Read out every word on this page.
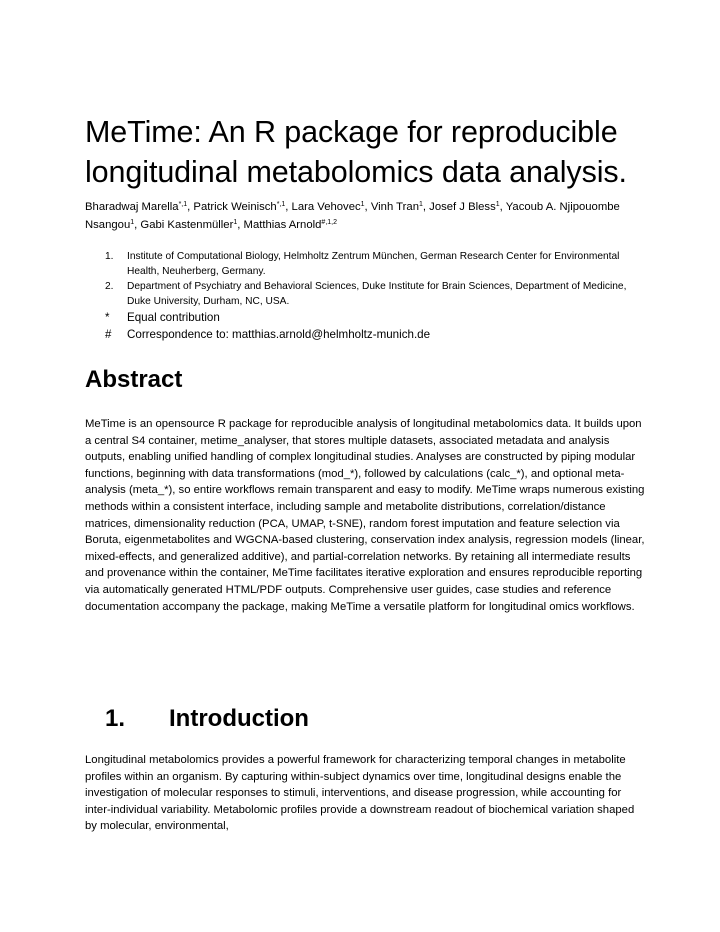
MeTime: An R package for reproducible longitudinal metabolomics data analysis.
Bharadwaj Marella$^{*,1}$, Patrick Weinisch$^{*,1}$, Lara Vehovec$^1$, Vinh Tran$^1$, Josef J Bless$^1$, Yacoub A. Njipouombe Nsangou$^1$, Gabi Kastenmüller$^1$, Matthias Arnold$^{\#,1,2}$
1. Institute of Computational Biology, Helmholtz Zentrum München, German Research Center for Environmental Health, Neuherberg, Germany.
2. Department of Psychiatry and Behavioral Sciences, Duke Institute for Brain Sciences, Department of Medicine, Duke University, Durham, NC, USA.
* Equal contribution
# Correspondence to: matthias.arnold@helmholtz-munich.de
Abstract

MeTime is an opensource R package for reproducible analysis of longitudinal metabolomics data. It builds upon a central S4 container, metime_analyser, that stores multiple datasets, associated metadata and analysis outputs, enabling unified handling of complex longitudinal studies. Analyses are constructed by piping modular functions, beginning with data transformations (mod_*), followed by calculations (calc_*), and optional meta-analysis (meta_*), so entire workflows remain transparent and easy to modify. MeTime wraps numerous existing methods within a consistent interface, including sample and metabolite distributions, correlation/distance matrices, dimensionality reduction (PCA, UMAP, t-SNE), random forest imputation and feature selection via Boruta, eigenmetabolites and WGCNA-based clustering, conservation index analysis, regression models (linear, mixed-effects, and generalized additive), and partial-correlation networks. By retaining all intermediate results and provenance within the container, MeTime facilitates iterative exploration and ensures reproducible reporting via automatically generated HTML/PDF outputs. Comprehensive user guides, case studies and reference documentation accompany the package, making MeTime a versatile platform for longitudinal omics workflows.

1. Introduction

Longitudinal metabolomics provides a powerful framework for characterizing temporal changes in metabolite profiles within an organism. By capturing within-subject dynamics over time, longitudinal designs enable the investigation of molecular responses to stimuli, interventions, and disease progression, while accounting for inter-individual variability. Metabolomic profiles provide a downstream readout of biochemical variation shaped by molecular, environmental,
